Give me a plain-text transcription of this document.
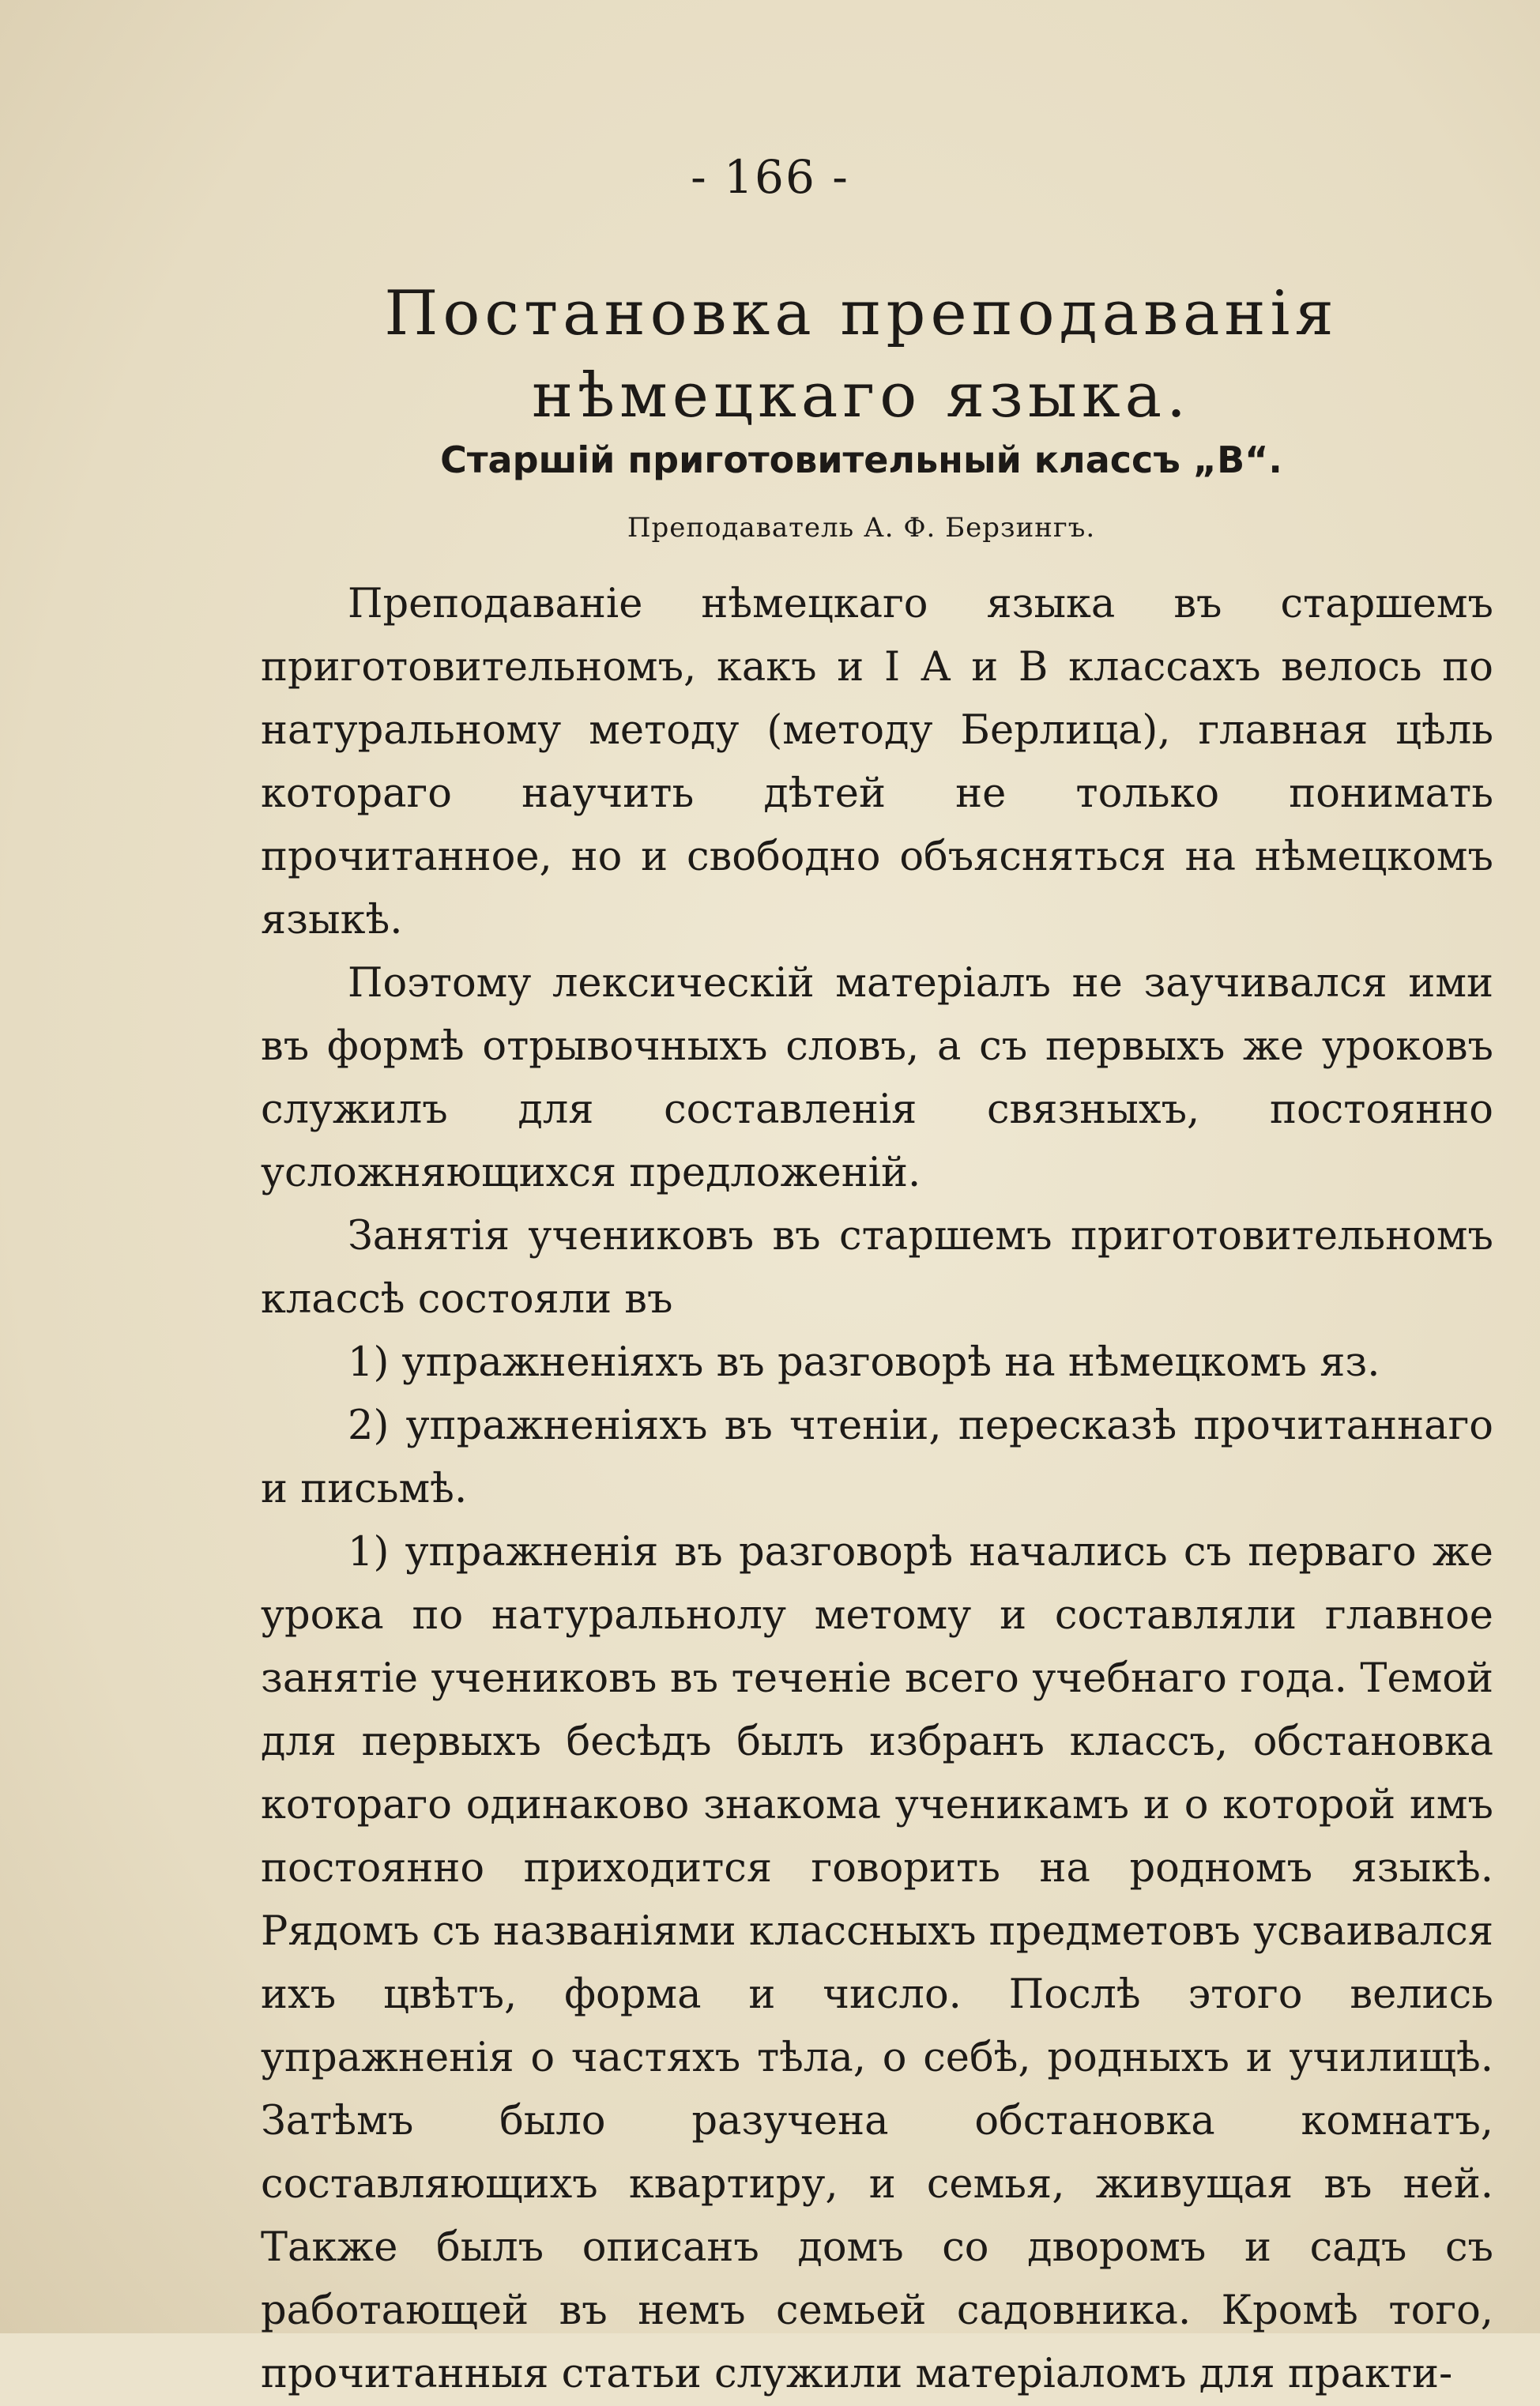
- 166 -
Постановка преподаванія нѣмецкаго языка.
Старшій приготовительный классъ „В“.
Преподаватель А. Ф. Берзингъ.

Преподаваніе нѣмецкаго языка въ старшемъ приготовительномъ, какъ и I А и В классахъ велось по натуральному методу (методу Берлица), главная цѣль котораго научить дѣтей не только понимать прочитанное, но и свободно объясняться на нѣмецкомъ языкѣ.

Поэтому лексическій матеріалъ не заучивался ими въ формѣ отрывочныхъ словъ, а съ первыхъ же уроковъ служилъ для составленія связныхъ, постоянно усложняющихся предложеній.

Занятія учениковъ въ старшемъ приготовительномъ классѣ состояли въ

1) упражненіяхъ въ разговорѣ на нѣмецкомъ яз.

2) упражненіяхъ въ чтеніи, пересказѣ прочитаннаго и письмѣ.

1) упражненія въ разговорѣ начались съ перваго же урока по натуральнолу метому и составляли главное занятіе учениковъ въ теченіе всего учебнаго года. Темой для первыхъ бесѣдъ былъ избранъ классъ, обстановка котораго одинаково знакома ученикамъ и о которой имъ постоянно приходится говорить на родномъ языкѣ. Рядомъ съ названіями классныхъ предметовъ усваивался ихъ цвѣтъ, форма и число. Послѣ этого велись упражненія о частяхъ тѣла, о себѣ, родныхъ и училищѣ. Затѣмъ было разучена обстановка комнатъ, составляющихъ квартиру, и семья, живущая въ ней. Также былъ описанъ домъ со дворомъ и садъ съ работающей въ немъ семьей садовника. Кромѣ того, прочитанныя статьи служили матеріаломъ для практи-
